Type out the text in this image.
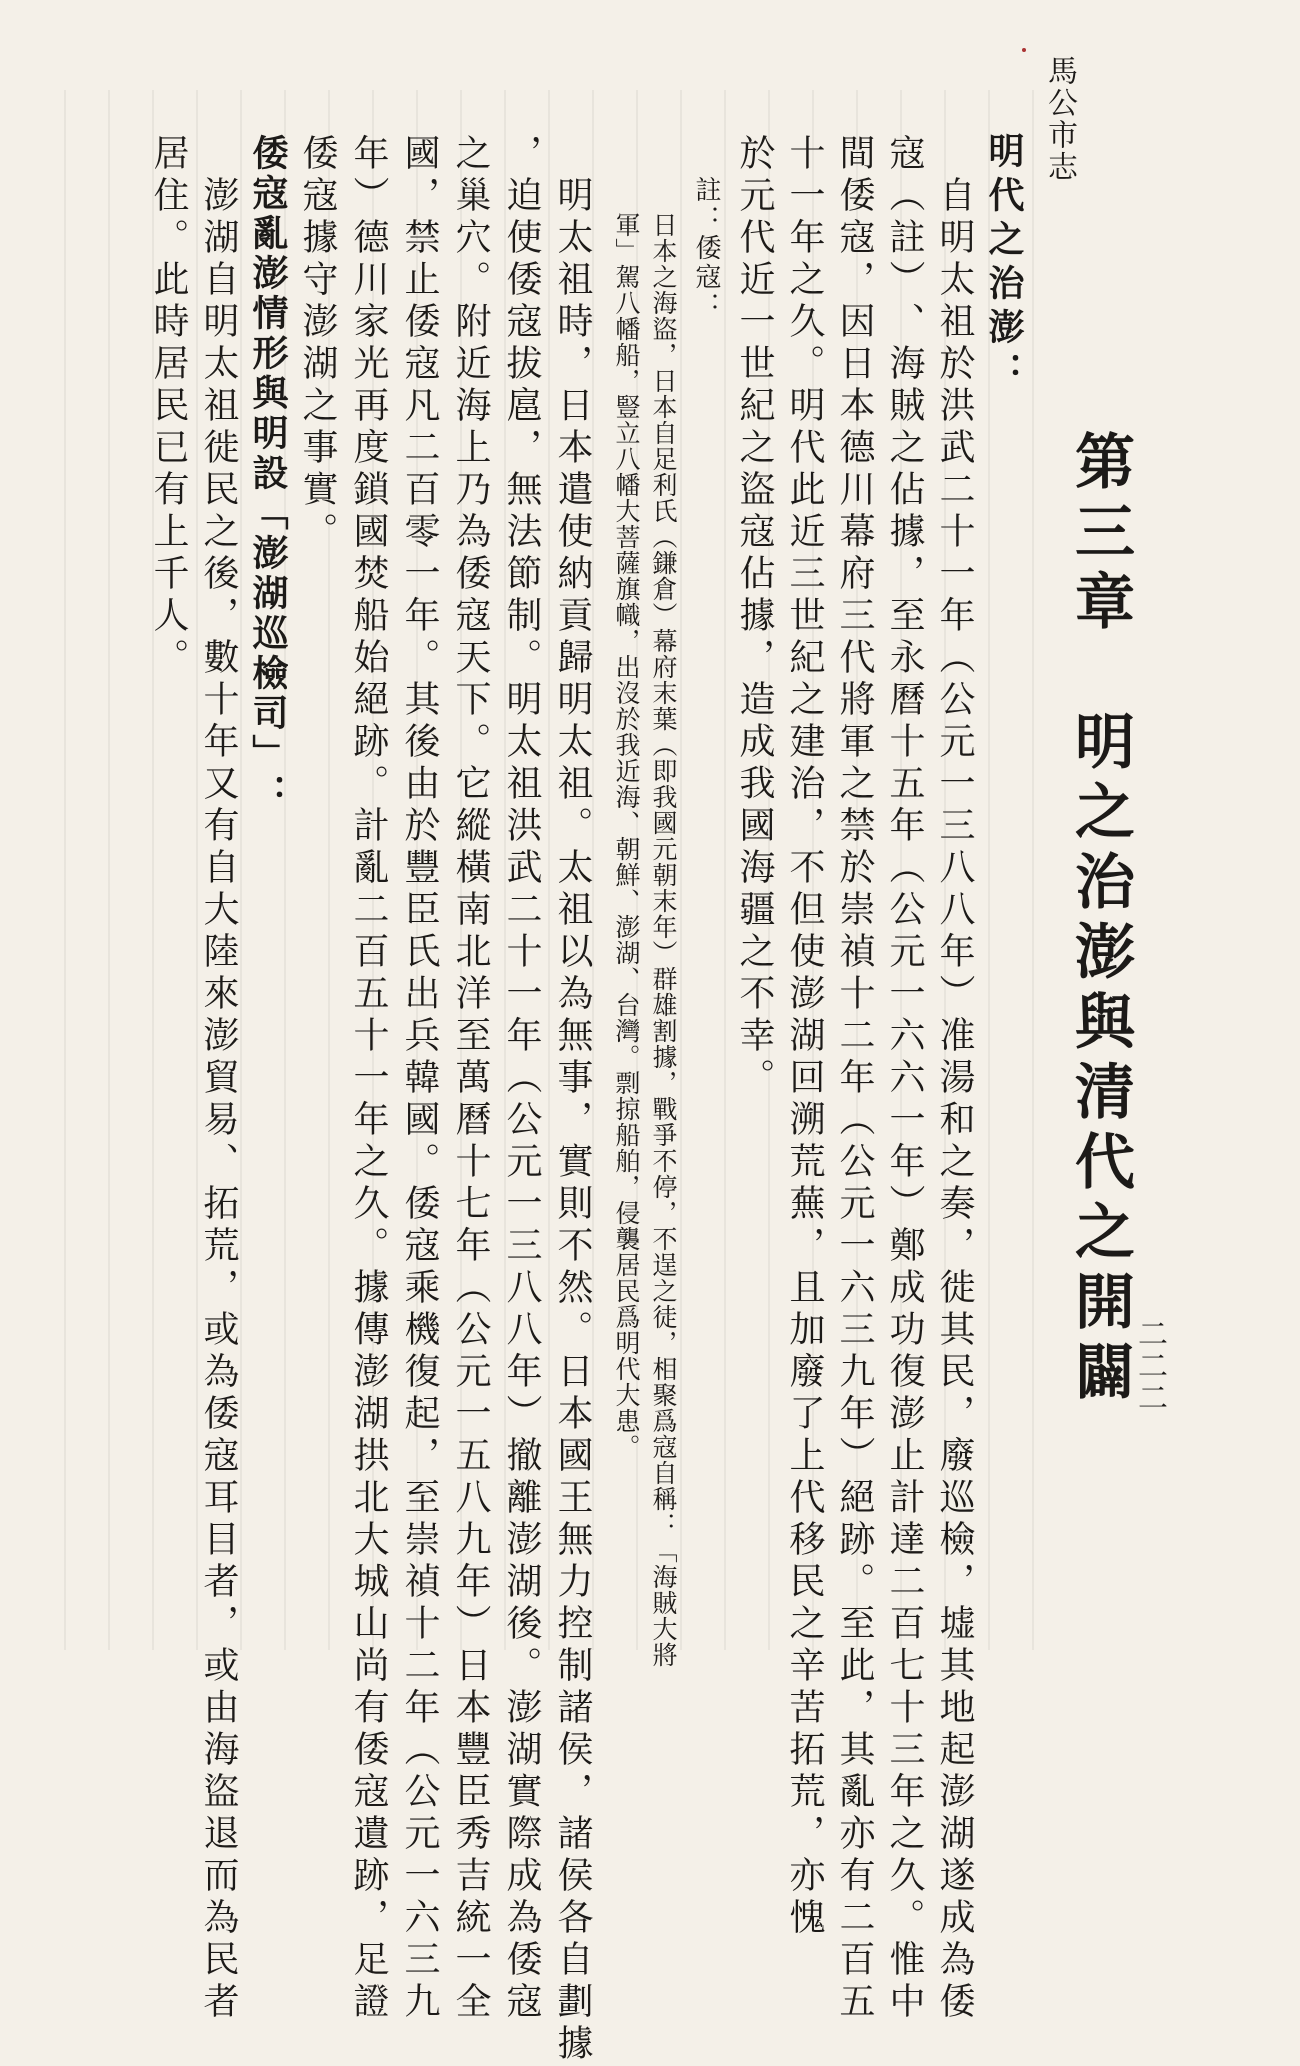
馬公市志
二二二
第三章　明之治澎與清代之開闢
明代之治澎：
自明太祖於洪武二十一年︵公元一三八八年︶准湯和之奏，徙其民，廢巡檢，墟其地起澎湖遂成為倭
寇︵註︶、海賊之佔據，至永曆十五年︵公元一六六一年︶鄭成功復澎止計達二百七十三年之久。惟中
間倭寇，因日本德川幕府三代將軍之禁於崇禎十二年︵公元一六三九年︶絕跡。至此，其亂亦有二百五
十一年之久。明代此近三世紀之建治，不但使澎湖回溯荒蕪，且加廢了上代移民之辛苦拓荒，亦愧
於元代近一世紀之盜寇佔據，造成我國海疆之不幸。
註：倭寇：
日本之海盜，日本自足利氏︵鎌倉︶幕府末葉︵即我國元朝末年︶群雄割據，戰爭不停，不逞之徒，相聚爲寇自稱：「海賊大將
軍」駕八幡船，豎立八幡大菩薩旗幟，出沒於我近海、朝鮮、澎湖、台灣。剽掠船舶，侵襲居民爲明代大患。
明太祖時，日本遣使納貢歸明太祖。太祖以為無事，實則不然。日本國王無力控制諸侯，諸侯各自劃據
，迫使倭寇拔扈，無法節制。明太祖洪武二十一年︵公元一三八八年︶撤離澎湖後。澎湖實際成為倭寇
之巢穴。附近海上乃為倭寇天下。它縱橫南北洋至萬曆十七年︵公元一五八九年︶日本豐臣秀吉統一全
國，禁止倭寇凡二百零一年。其後由於豐臣氏出兵韓國。倭寇乘機復起，至崇禎十二年︵公元一六三九
年︶德川家光再度鎖國焚船始絕跡。計亂二百五十一年之久。據傳澎湖拱北大城山尚有倭寇遺跡，足證
倭寇據守澎湖之事實。
倭寇亂澎情形與明設「澎湖巡檢司」：
澎湖自明太祖徙民之後，數十年又有自大陸來澎貿易、拓荒，或為倭寇耳目者，或由海盜退而為民者
居住。此時居民已有上千人。
